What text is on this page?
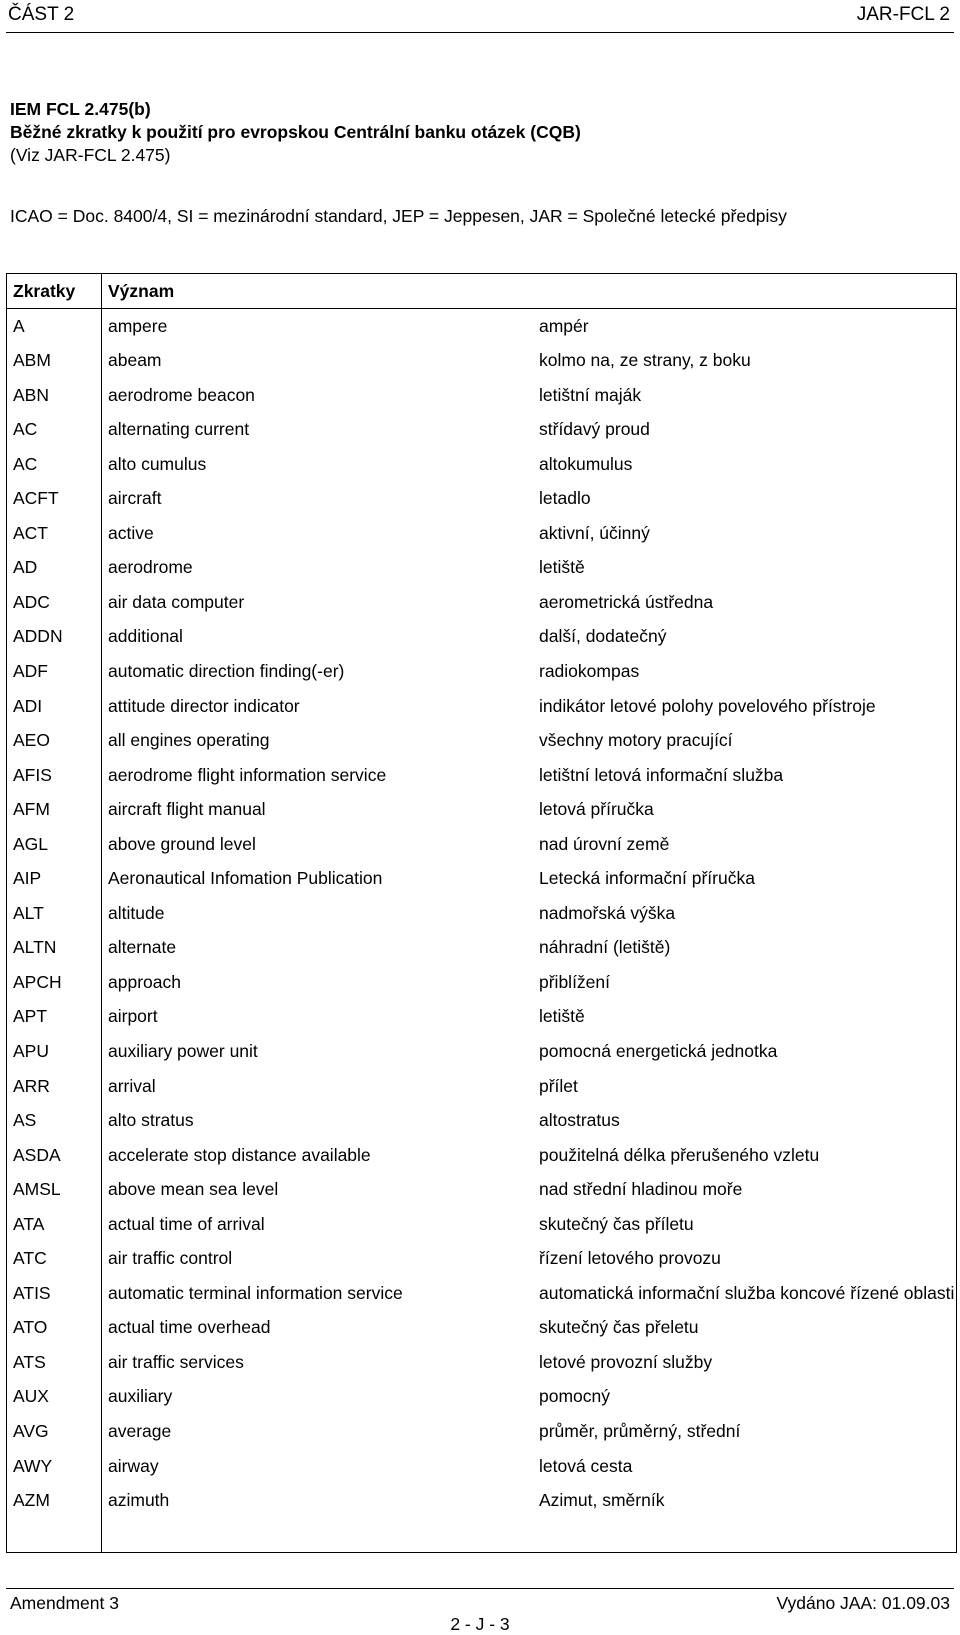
ČÁST 2	JAR-FCL 2
IEM FCL 2.475(b)
Běžné zkratky k použití pro evropskou Centrální banku otázek (CQB)
(Viz JAR-FCL 2.475)
ICAO = Doc. 8400/4, SI = mezinárodní standard, JEP = Jeppesen, JAR = Společné letecké předpisy
Zkratky	Význam	
A	ampere	ampér
ABM	abeam	kolmo na, ze strany, z boku
ABN	aerodrome beacon	letištní maják
AC	alternating current	střídavý proud
AC	alto cumulus	altokumulus
ACFT	aircraft	letadlo
ACT	active	aktivní, účinný
AD	aerodrome	letiště
ADC	air data computer	aerometrická ústředna
ADDN	additional	další, dodatečný
ADF	automatic direction finding(-er)	radiokompas
ADI	attitude director indicator	indikátor letové polohy povelového přístroje
AEO	all engines operating	všechny motory pracující
AFIS	aerodrome flight information service	letištní letová informační služba
AFM	aircraft flight manual	letová příručka
AGL	above ground level	nad úrovní země
AIP	Aeronautical Infomation Publication	Letecká informační příručka
ALT	altitude	nadmořská výška
ALTN	alternate	náhradní (letiště)
APCH	approach	přiblížení
APT	airport	letiště
APU	auxiliary power unit	pomocná energetická jednotka
ARR	arrival	přílet
AS	alto stratus	altostratus
ASDA	accelerate stop distance available	použitelná délka přerušeného vzletu
AMSL	above mean sea level	nad střední hladinou moře
ATA	actual time of arrival	skutečný čas příletu
ATC	air traffic control	řízení letového provozu
ATIS	automatic terminal information service	automatická informační služba koncové řízené oblasti
ATO	actual time overhead	skutečný čas přeletu
ATS	air traffic services	letové provozní služby
AUX	auxiliary	pomocný
AVG	average	průměr, průměrný, střední
AWY	airway	letová cesta
AZM	azimuth	Azimut, směrník

Amendment 3	Vydáno JAA: 01.09.03
2 - J - 3
